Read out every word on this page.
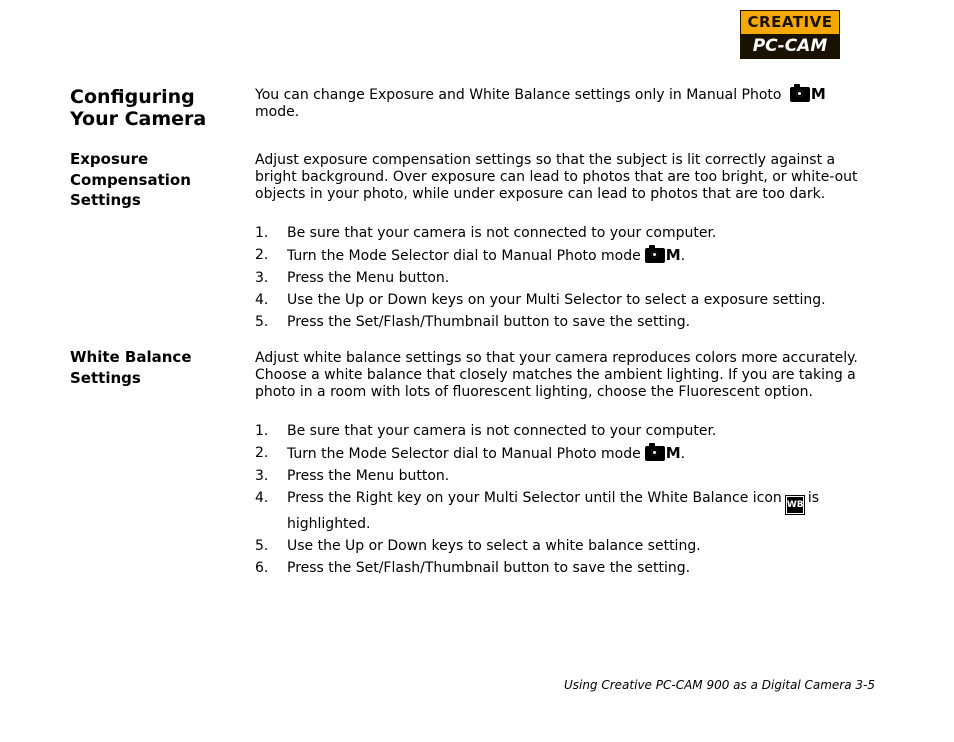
CREATIVE
PC-CAM
Configuring Your Camera

You can change Exposure and White Balance settings only in Manual Photo M
mode.

Exposure Compensation Settings

Adjust exposure compensation settings so that the subject is lit correctly against a bright background. Over exposure can lead to photos that are too bright, or white-out objects in your photo, while under exposure can lead to photos that are too dark.

1. Be sure that your camera is not connected to your computer.
2. Turn the Mode Selector dial to Manual Photo mode M.
3. Press the Menu button.
4. Use the Up or Down keys on your Multi Selector to select a exposure setting.
5. Press the Set/Flash/Thumbnail button to save the setting.
White Balance Settings

Adjust white balance settings so that your camera reproduces colors more accurately. Choose a white balance that closely matches the ambient lighting. If you are taking a photo in a room with lots of fluorescent lighting, choose the Fluorescent option.

1. Be sure that your camera is not connected to your computer.
2. Turn the Mode Selector dial to Manual Photo mode M.
3. Press the Menu button.
4. Press the Right key on your Multi Selector until the White Balance icon WB is highlighted.
5. Use the Up or Down keys to select a white balance setting.
6. Press the Set/Flash/Thumbnail button to save the setting.
Using Creative PC-CAM 900 as a Digital Camera 3-5
